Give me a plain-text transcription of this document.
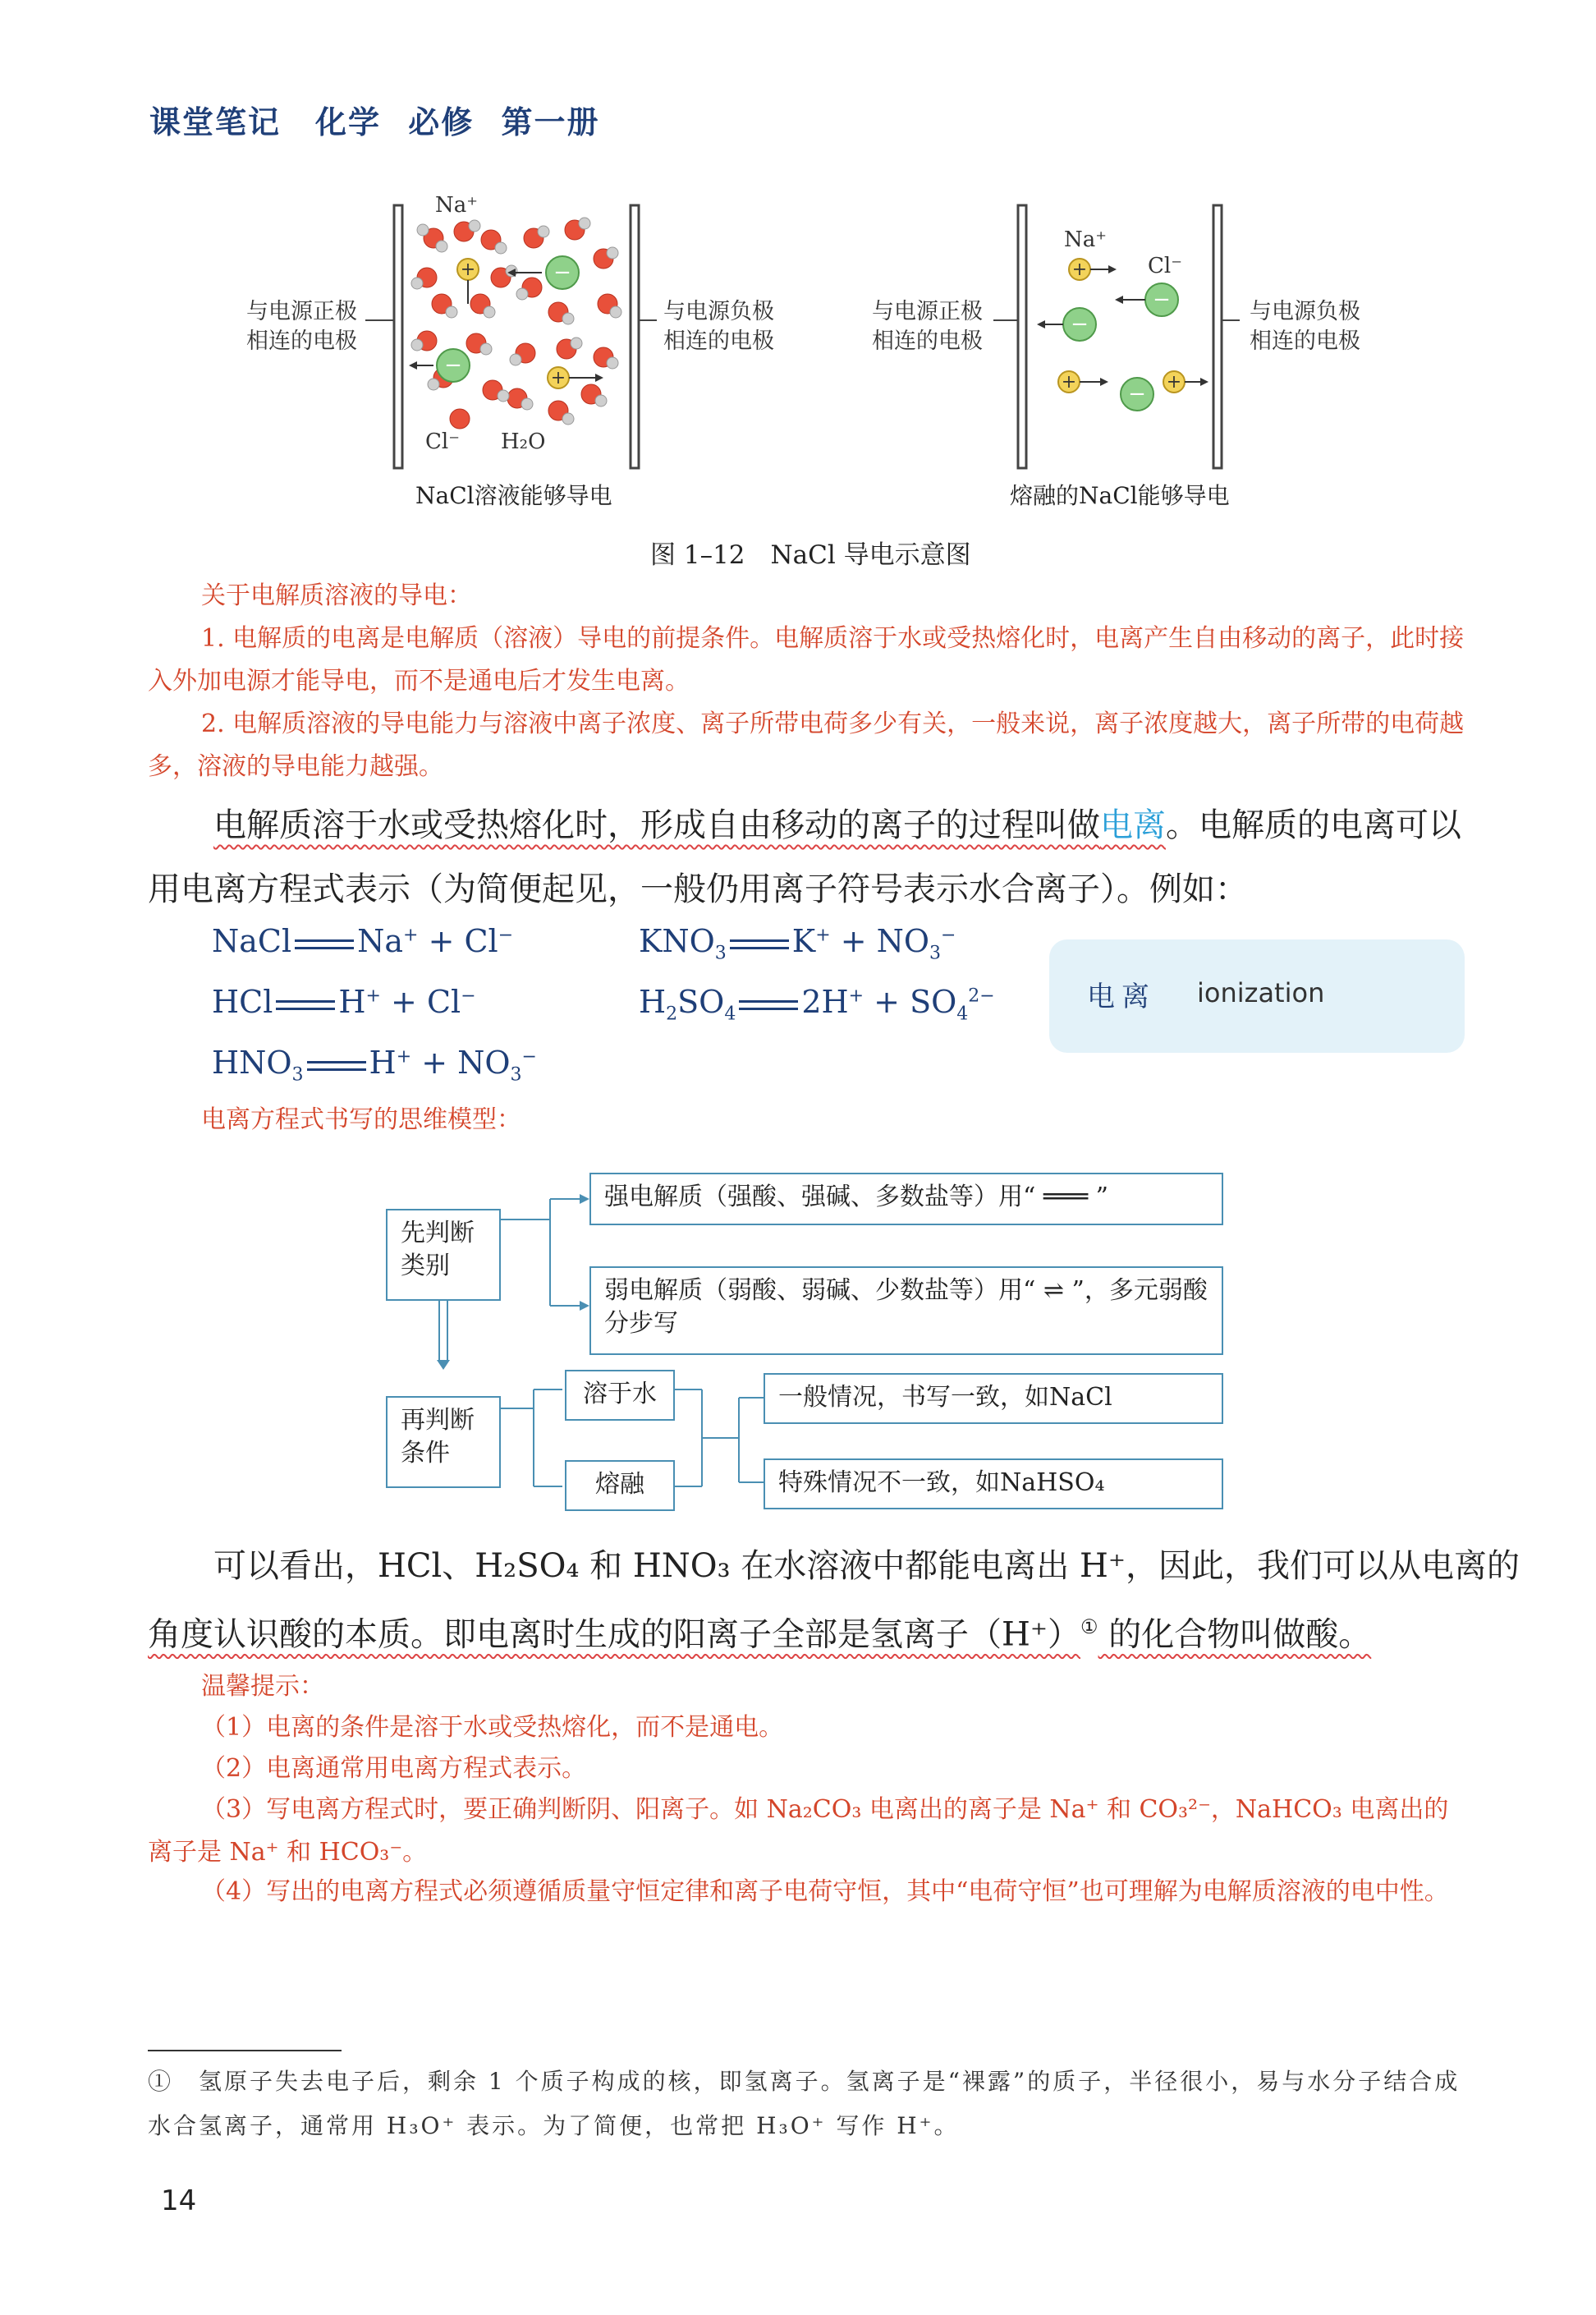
课堂笔记 化学 必修 第一册
+	−
−
+
Na⁺
Cl⁻ H₂O
与电源正极
相连的电极
与电源负极
相连的电极
NaCl溶液能够导电
+
−
−
+ − +
Na⁺
Cl⁻
与电源正极
相连的电极
与电源负极
相连的电极
熔融的NaCl能够导电
图 1–12　NaCl 导电示意图
关于电解质溶液的导电：
1. 电解质的电离是电解质（溶液）导电的前提条件。电解质溶于水或受热熔化时，电离产生自由移动的离子，此时接入外加电源才能导电，而不是通电后才发生电离。
2. 电解质溶液的导电能力与溶液中离子浓度、离子所带电荷多少有关，一般来说，离子浓度越大，离子所带的电荷越多，溶液的导电能力越强。
电解质溶于水或受热熔化时，形成自由移动的离子的过程叫做电离。电解质的电离可以用电离方程式表示（为简便起见，一般仍用离子符号表示水合离子）。例如：
NaCl Na+ + Cl−
HCl H+ + Cl−
$HNO_3$ $H^+ + NO_3^-$
$KNO_3$ $K^+ + NO_3^-$
$H_2SO_4$ $2H^+ + SO_4^{2-}$	电离 ionization
电离方程式书写的思维模型：
先判断类别
强电解质（强酸、强碱、多数盐等）用“ ═══ ”
弱电解质（弱酸、弱碱、少数盐等）用“ ⇌ ”，多元弱酸分步写
再判断条件
溶于水
熔融
一般情况，书写一致，如NaCl
特殊情况不一致，如NaHSO₄
可以看出，HCl、H₂SO₄ 和 HNO₃ 在水溶液中都能电离出 H⁺，因此，我们可以从电离的
角度认识酸的本质。即电离时生成的阳离子全部是氢离子（H⁺）① 的化合物叫做酸。
温馨提示：
（1）电离的条件是溶于水或受热熔化，而不是通电。
（2）电离通常用电离方程式表示。
（3）写电离方程式时，要正确判断阴、阳离子。如 Na₂CO₃ 电离出的离子是 Na⁺ 和 CO₃²⁻，NaHCO₃ 电离出的离子是 Na⁺ 和 HCO₃⁻。
（4）写出的电离方程式必须遵循质量守恒定律和离子电荷守恒，其中“电荷守恒”也可理解为电解质溶液的电中性。
①　氢原子失去电子后，剩余 1 个质子构成的核，即氢离子。氢离子是“裸露”的质子，半径很小，易与水分子结合成水合氢离子，通常用 H₃O⁺ 表示。为了简便，也常把 H₃O⁺ 写作 H⁺。
14
